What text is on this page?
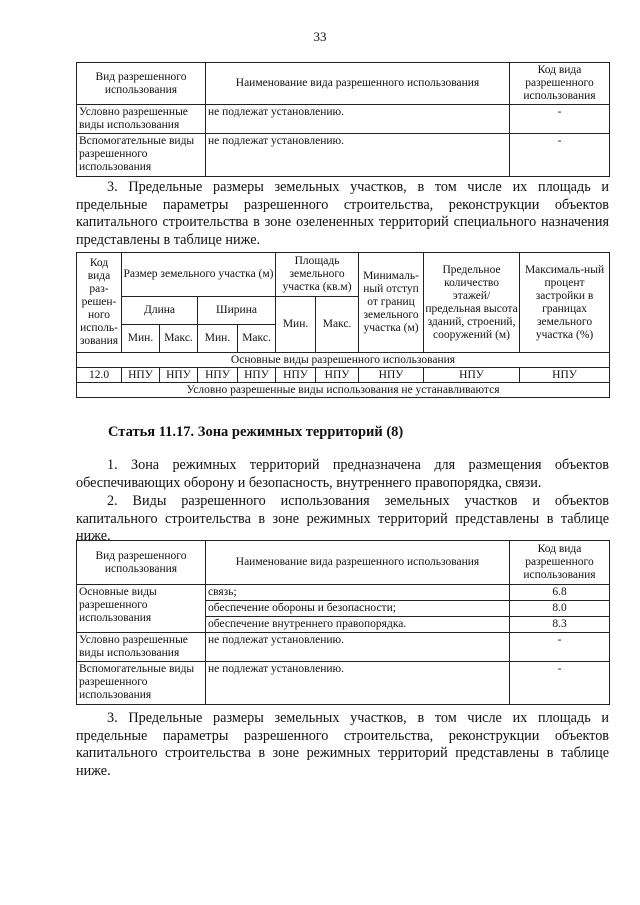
33
Вид разрешенного использования	Наименование вида разрешенного использования	Код вида разрешенного использования
Условно разрешенные виды использования	не подлежат установлению.	-
Вспомогательные виды разрешенного использования	не подлежат установлению.	-

3. Предельные размеры земельных участков, в том числе их площадь и предельные параметры разрешенного строительства, реконструкции объектов капитального строительства в зоне озелененных территорий специального назначения представлены в таблице ниже.

Код вида раз-решен-ного исполь-зования	Размер земельного участка (м)				Площадь земельного участка (кв.м)		Минималь-ный отступ от границ земельного участка (м)	Предельное количество этажей/ предельная высота зданий, строений, сооружений (м)	Максималь-ный процент застройки в границах земельного участка (%)
	Длина		Ширина		Мин.	Макс.			
	Мин.	Макс.	Мин.	Макс.					
Основные виды разрешенного использования									
12.0	НПУ	НПУ	НПУ	НПУ	НПУ	НПУ	НПУ	НПУ	НПУ
Условно разрешенные виды использования не устанавливаются									
Статья 11.17. Зона режимных территорий (8)

1. Зона режимных территорий предназначена для размещения объектов обеспечивающих оборону и безопасность, внутреннего правопорядка, связи.

2. Виды разрешенного использования земельных участков и объектов капитального строительства в зоне режимных территорий представлены в таблице ниже.

Вид разрешенного использования	Наименование вида разрешенного использования	Код вида разрешенного использования
Основные виды разрешенного использования	связь;	6.8
	обеспечение обороны и безопасности;	8.0
	обеспечение внутреннего правопорядка.	8.3
Условно разрешенные виды использования	не подлежат установлению.	-
Вспомогательные виды разрешенного использования	не подлежат установлению.	-

3. Предельные размеры земельных участков, в том числе их площадь и предельные параметры разрешенного строительства, реконструкции объектов капитального строительства в зоне режимных территорий представлены в таблице ниже.
